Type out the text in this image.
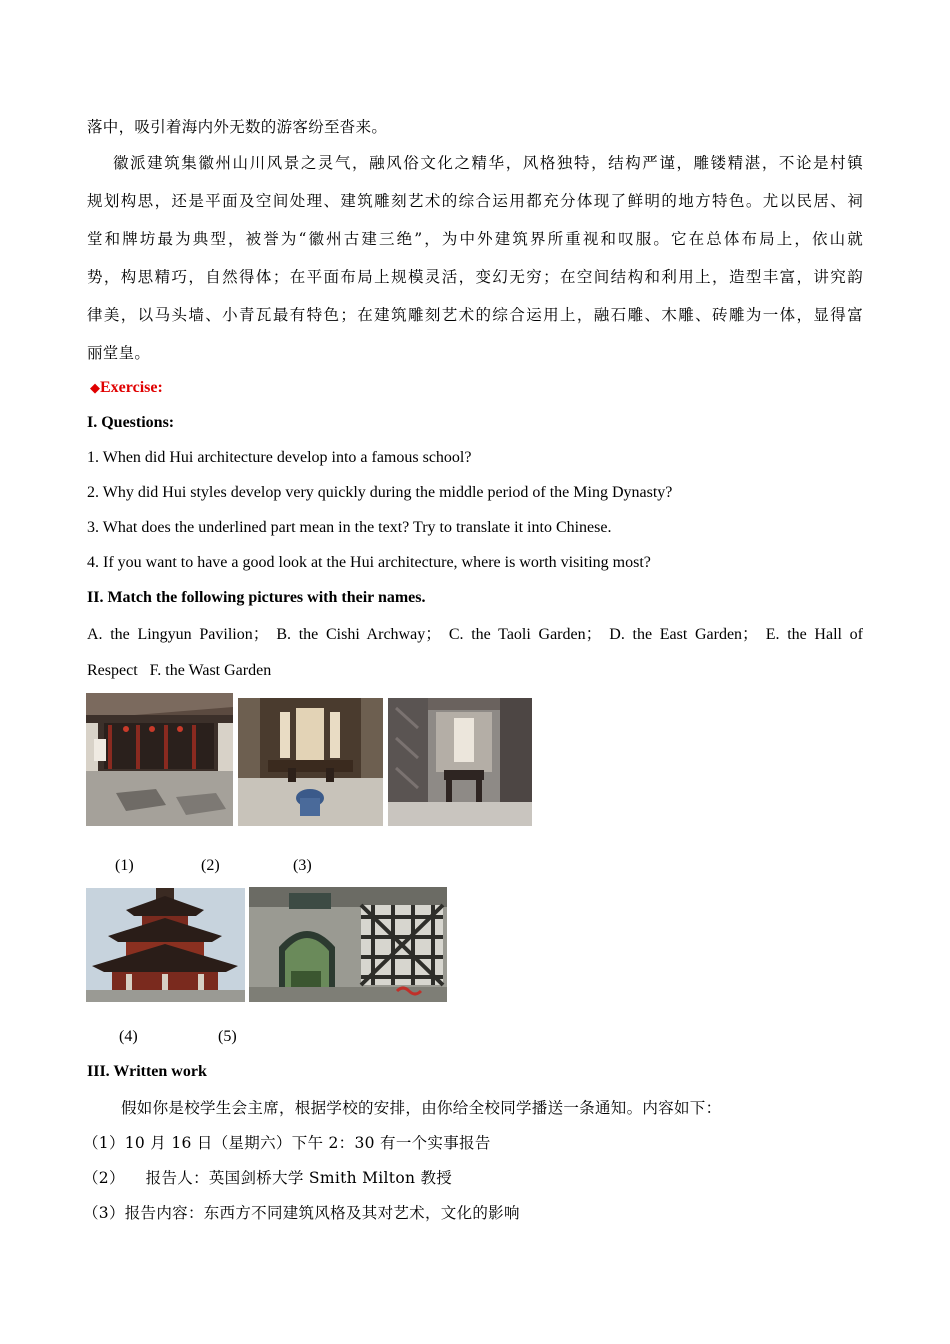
落中，吸引着海内外无数的游客纷至沓来。
徽派建筑集徽州山川风景之灵气，融风俗文化之精华，风格独特，结构严谨，雕镂精湛，不论是村镇
规划构思，还是平面及空间处理、建筑雕刻艺术的综合运用都充分体现了鲜明的地方特色。尤以民居、祠
堂和牌坊最为典型，被誉为“徽州古建三绝”，为中外建筑界所重视和叹服。它在总体布局上，依山就
势，构思精巧，自然得体；在平面布局上规模灵活，变幻无穷；在空间结构和利用上，造型丰富，讲究韵
律美，以马头墙、小青瓦最有特色；在建筑雕刻艺术的综合运用上，融石雕、木雕、砖雕为一体，显得富
丽堂皇。
◆Exercise:
I. Questions:
1. When did Hui architecture develop into a famous school?
2. Why did Hui styles develop very quickly during the middle period of the Ming Dynasty?
3. What does the underlined part mean in the text? Try to translate it into Chinese.
4. If you want to have a good look at the Hui architecture, where is worth visiting most?
II. Match the following pictures with their names.
A. the Lingyun Pavilion； B. the Cishi Archway； C. the Taoli Garden； D. the East Garden； E. the Hall of
Respect   F. the Wast Garden
(1)	(2)	(3)
(4)	(5)
III. Written work
假如你是校学生会主席，根据学校的安排，由你给全校同学播送一条通知。内容如下：
（1）10 月 16 日（星期六）下午 2：30 有一个实事报告
（2）    报告人：英国剑桥大学 Smith Milton 教授
（3）报告内容：东西方不同建筑风格及其对艺术，文化的影响
